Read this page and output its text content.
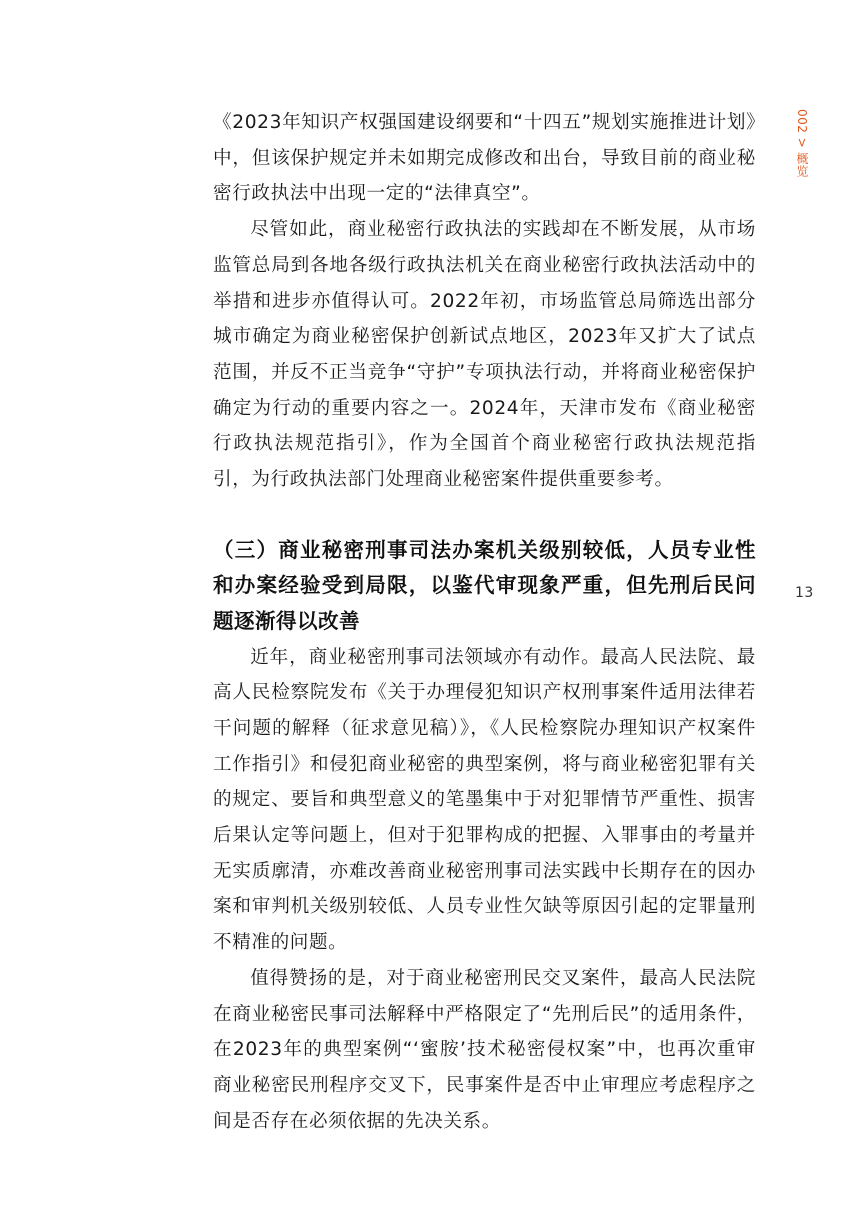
002 > 概览
13

《2023年知识产权强国建设纲要和“十四五”规划实施推进计划》中，但该保护规定并未如期完成修改和出台，导致目前的商业秘密行政执法中出现一定的“法律真空”。

尽管如此，商业秘密行政执法的实践却在不断发展，从市场监管总局到各地各级行政执法机关在商业秘密行政执法活动中的举措和进步亦值得认可。2022年初，市场监管总局筛选出部分城市确定为商业秘密保护创新试点地区，2023年又扩大了试点范围，并反不正当竞争“守护”专项执法行动，并将商业秘密保护确定为行动的重要内容之一。2024年，天津市发布《商业秘密行政执法规范指引》，作为全国首个商业秘密行政执法规范指引，为行政执法部门处理商业秘密案件提供重要参考。

（三）商业秘密刑事司法办案机关级别较低，人员专业性和办案经验受到局限，以鉴代审现象严重，但先刑后民问题逐渐得以改善

近年，商业秘密刑事司法领域亦有动作。最高人民法院、最高人民检察院发布《关于办理侵犯知识产权刑事案件适用法律若干问题的解释（征求意见稿）》，《人民检察院办理知识产权案件工作指引》和侵犯商业秘密的典型案例，将与商业秘密犯罪有关的规定、要旨和典型意义的笔墨集中于对犯罪情节严重性、损害后果认定等问题上，但对于犯罪构成的把握、入罪事由的考量并无实质廓清，亦难改善商业秘密刑事司法实践中长期存在的因办案和审判机关级别较低、人员专业性欠缺等原因引起的定罪量刑不精准的问题。

值得赞扬的是，对于商业秘密刑民交叉案件，最高人民法院在商业秘密民事司法解释中严格限定了“先刑后民”的适用条件，在2023年的典型案例“‘蜜胺’技术秘密侵权案”中，也再次重审商业秘密民刑程序交叉下，民事案件是否中止审理应考虑程序之间是否存在必须依据的先决关系。
